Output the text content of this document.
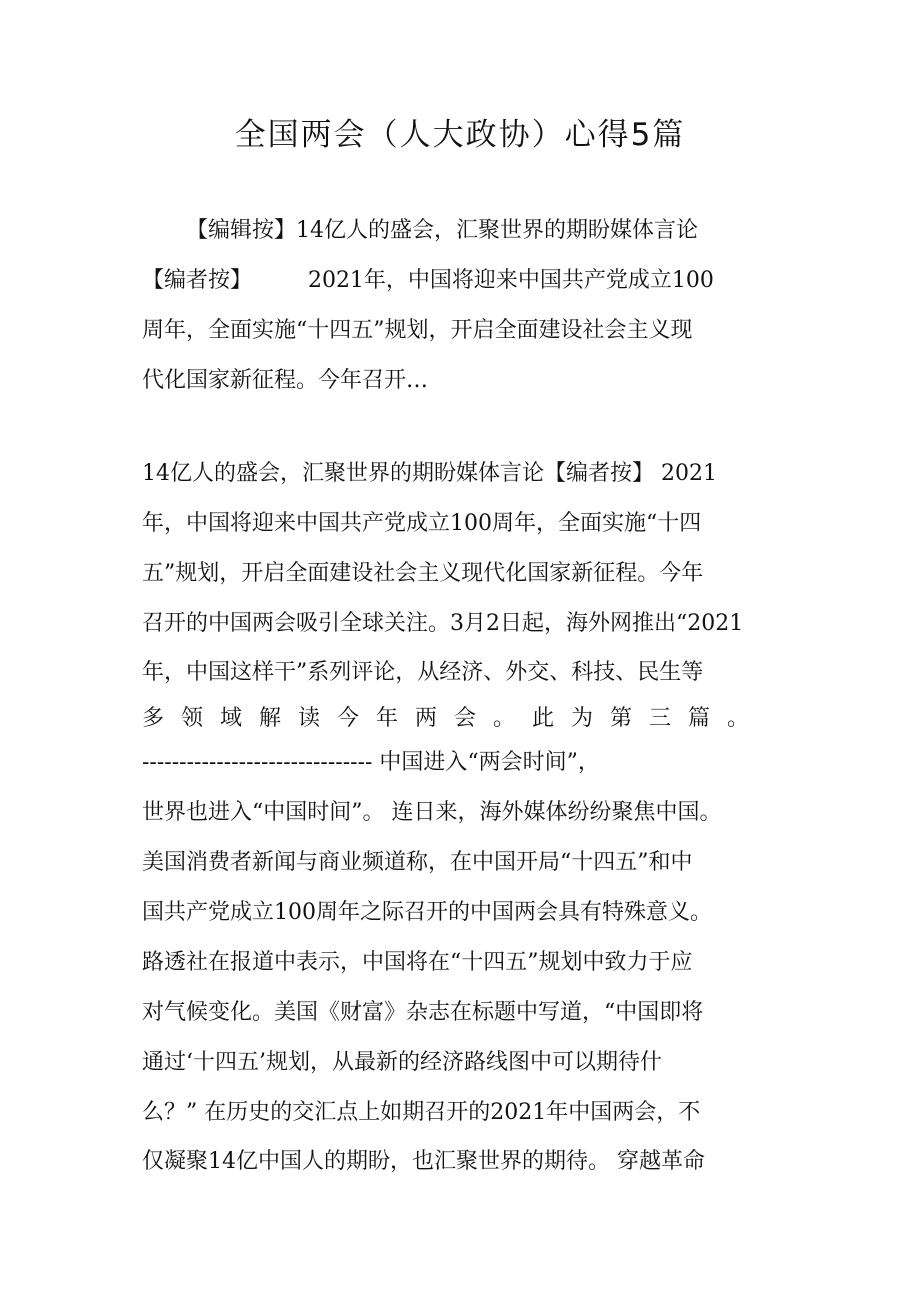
全国两会（人大政协）心得5篇
【编辑按】14亿人的盛会，汇聚世界的期盼媒体言论
【编者按】        2021年，中国将迎来中国共产党成立100
周年，全面实施“十四五”规划，开启全面建设社会主义现
代化国家新征程。今年召开…
14亿人的盛会，汇聚世界的期盼媒体言论【编者按】 2021
年，中国将迎来中国共产党成立100周年，全面实施“十四
五”规划，开启全面建设社会主义现代化国家新征程。今年
召开的中国两会吸引全球关注。3月2日起，海外网推出“2021
年，中国这样干”系列评论，从经济、外交、科技、民生等
多领域解读今年两会。此为第三篇。
------------------------------- 中国进入“两会时间”，
世界也进入“中国时间”。 连日来，海外媒体纷纷聚焦中国。
美国消费者新闻与商业频道称，在中国开局“十四五”和中
国共产党成立100周年之际召开的中国两会具有特殊意义。
路透社在报道中表示，中国将在“十四五”规划中致力于应
对气候变化。美国《财富》杂志在标题中写道，“中国即将
通过‘十四五’规划，从最新的经济路线图中可以期待什
么？” 在历史的交汇点上如期召开的2021年中国两会，不
仅凝聚14亿中国人的期盼，也汇聚世界的期待。 穿越革命
